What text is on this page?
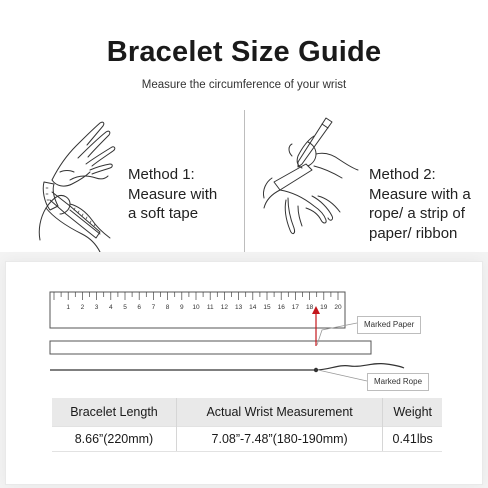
Bracelet Size Guide
Measure the circumference of your wrist
Method 1:
Measure with
a soft tape
Method 2:
Measure with a
rope/ a strip of
paper/ ribbon
1 2 3 4 5 6 7 8 9 10 11 12 13 14 15 16 17 18 19 20
Marked Paper
Marked Rope
Bracelet Length	Actual Wrist Measurement	Weight
8.66”(220mm)	7.08”-7.48”(180-190mm)	0.41lbs
